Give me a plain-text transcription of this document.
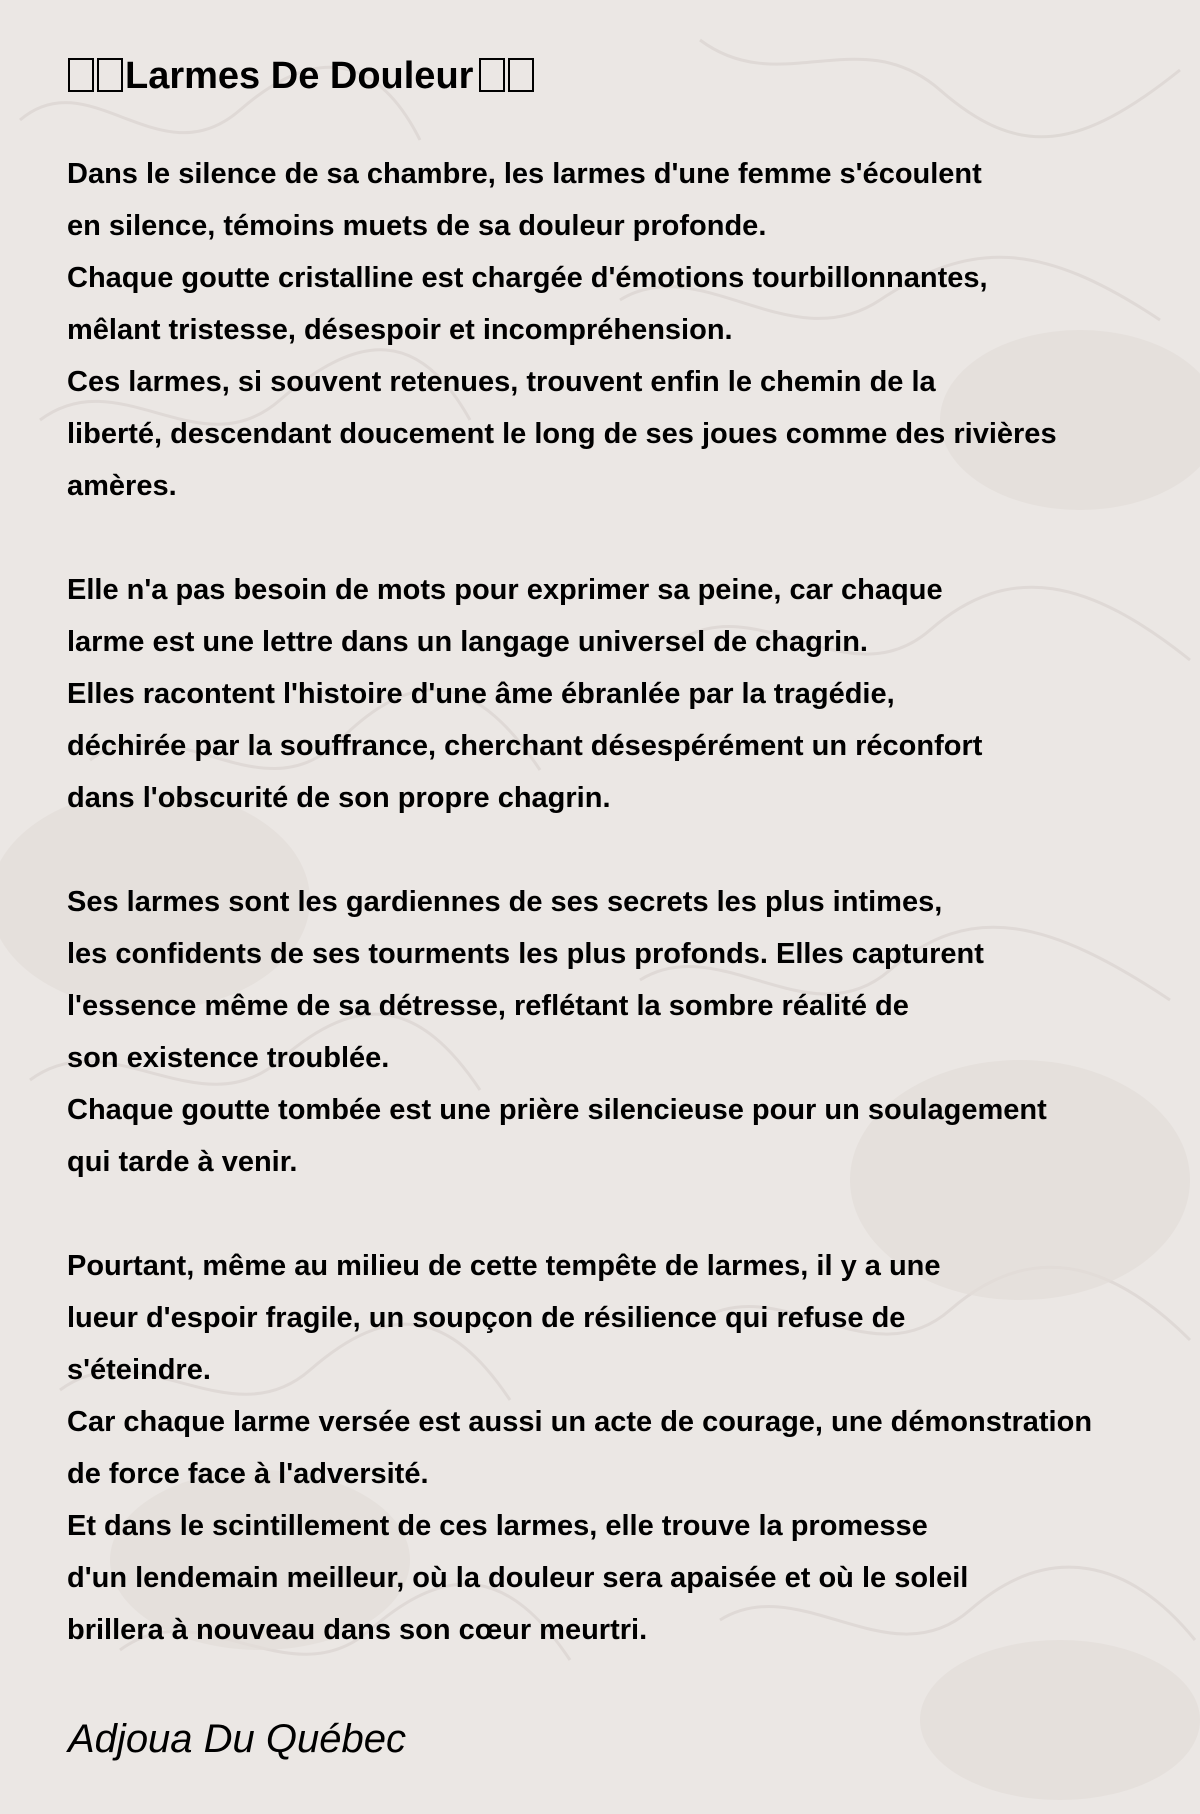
Larmes De Douleur

Dans le silence de sa chambre, les larmes d'une femme s'écoulent
en silence, témoins muets de sa douleur profonde.
Chaque goutte cristalline est chargée d'émotions tourbillonnantes,
mêlant tristesse, désespoir et incompréhension.
Ces larmes, si souvent retenues, trouvent enfin le chemin de la
liberté, descendant doucement le long de ses joues comme des rivières
amères.

Elle n'a pas besoin de mots pour exprimer sa peine, car chaque
larme est une lettre dans un langage universel de chagrin.
Elles racontent l'histoire d'une âme ébranlée par la tragédie,
déchirée par la souffrance, cherchant désespérément un réconfort
dans l'obscurité de son propre chagrin.

Ses larmes sont les gardiennes de ses secrets les plus intimes,
les confidents de ses tourments les plus profonds. Elles capturent
l'essence même de sa détresse, reflétant la sombre réalité de
son existence troublée.
Chaque goutte tombée est une prière silencieuse pour un soulagement
qui tarde à venir.

Pourtant, même au milieu de cette tempête de larmes, il y a une
lueur d'espoir fragile, un soupçon de résilience qui refuse de
s'éteindre.
Car chaque larme versée est aussi un acte de courage, une démonstration
de force face à l'adversité.
Et dans le scintillement de ces larmes, elle trouve la promesse
d'un lendemain meilleur, où la douleur sera apaisée et où le soleil
brillera à nouveau dans son cœur meurtri.

Adjoua Du Québec
